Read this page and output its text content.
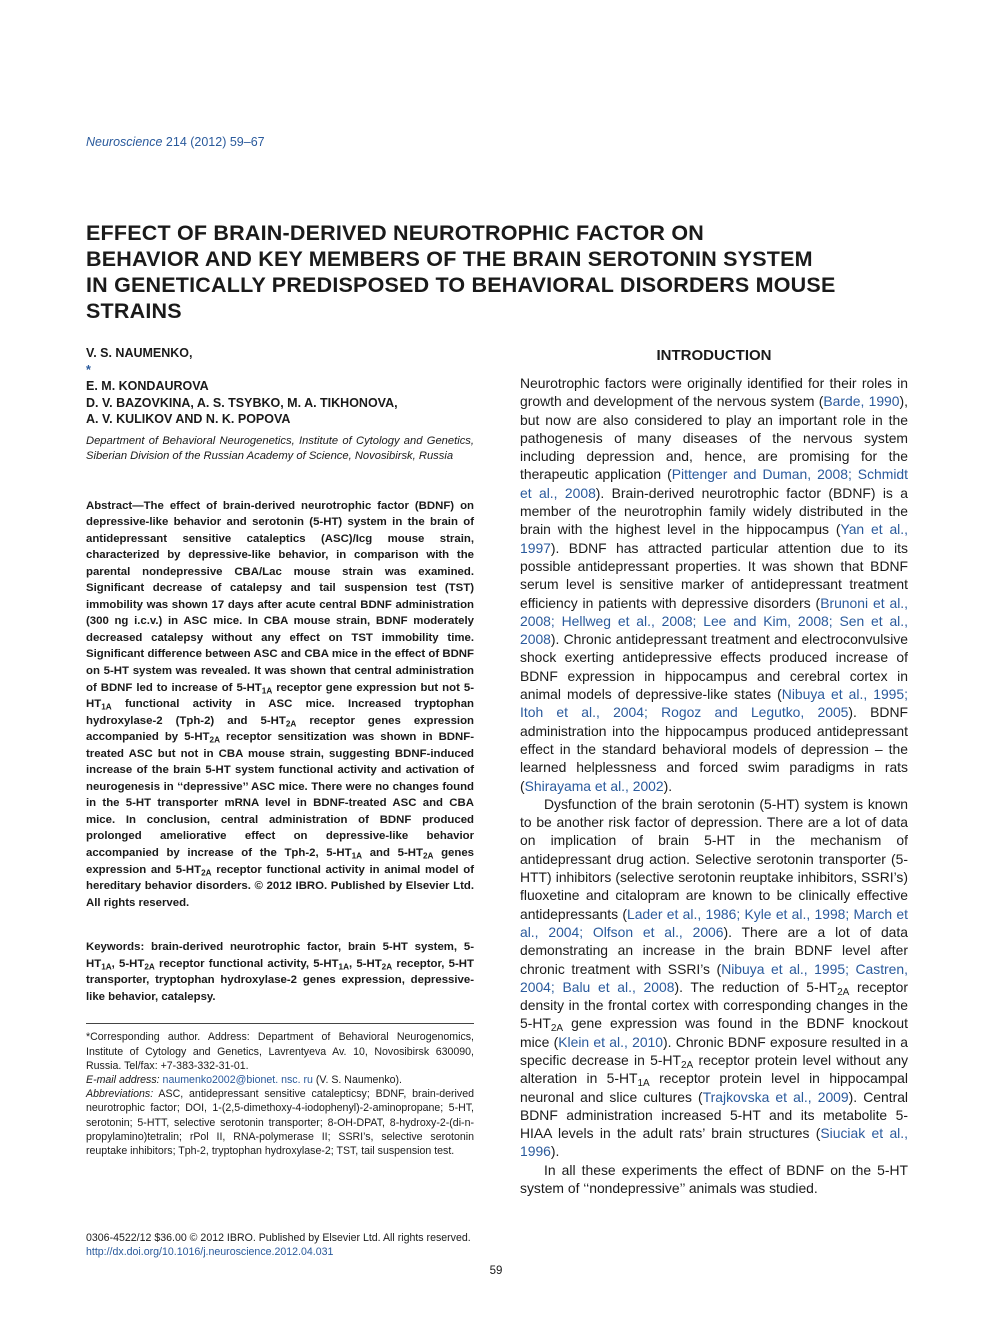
Neuroscience 214 (2012) 59–67
EFFECT OF BRAIN-DERIVED NEUROTROPHIC FACTOR ON
BEHAVIOR AND KEY MEMBERS OF THE BRAIN SEROTONIN SYSTEM
IN GENETICALLY PREDISPOSED TO BEHAVIORAL DISORDERS MOUSE
STRAINS
V. S. NAUMENKO,
*
E. M. KONDAUROVA
D. V. BAZOVKINA, A. S. TSYBKO, M. A. TIKHONOVA,
A. V. KULIKOV AND N. K. POPOVA
Department of Behavioral Neurogenetics, Institute of Cytology and Genetics, Siberian Division of the Russian Academy of Science, Novosibirsk, Russia
Abstract—The effect of brain-derived neurotrophic factor (BDNF) on depressive-like behavior and serotonin (5-HT) system in the brain of antidepressant sensitive cataleptics (ASC)/Icg mouse strain, characterized by depressive-like behavior, in comparison with the parental nondepressive CBA/Lac mouse strain was examined. Significant decrease of catalepsy and tail suspension test (TST) immobility was shown 17 days after acute central BDNF administration (300 ng i.c.v.) in ASC mice. In CBA mouse strain, BDNF moderately decreased catalepsy without any effect on TST immobility time. Significant difference between ASC and CBA mice in the effect of BDNF on 5-HT system was revealed. It was shown that central administration of BDNF led to increase of $5-HT_{1A}$ receptor gene expression but not $5-HT_{1A}$ functional activity in ASC mice. Increased tryptophan hydroxylase-2 (Tph-2) and $5-HT_{2A}$ receptor genes expression accompanied by $5-HT_{2A}$ receptor sensitization was shown in BDNF-treated ASC but not in CBA mouse strain, suggesting BDNF-induced increase of the brain 5-HT system functional activity and activation of neurogenesis in ‘‘depressive’’ ASC mice. There were no changes found in the 5-HT transporter mRNA level in BDNF-treated ASC and CBA mice. In conclusion, central administration of BDNF produced prolonged ameliorative effect on depressive-like behavior accompanied by increase of the Tph-2, $5-HT_{1A}$ and $5-HT_{2A}$ genes expression and $5-HT_{2A}$ receptor functional activity in animal model of hereditary behavior disorders. © 2012 IBRO. Published by Elsevier Ltd. All rights reserved.
Keywords: brain-derived neurotrophic factor, brain 5-HT system, $5-HT_{1A}$, $5-HT_{2A}$ receptor functional activity, $5-HT_{1A}$, $5-HT_{2A}$ receptor, 5-HT transporter, tryptophan hydroxylase-2 genes expression, depressive-like behavior, catalepsy.
*Corresponding author. Address: Department of Behavioral Neurogenomics, Institute of Cytology and Genetics, Lavrentyeva Av. 10, Novosibirsk 630090, Russia. Tel/fax: +7-383-332-31-01.
E-mail address: naumenko2002@bionet. nsc. ru (V. S. Naumenko).
Abbreviations: ASC, antidepressant sensitive catalepticsy; BDNF, brain-derived neurotrophic factor; DOI, 1-(2,5-dimethoxy-4-iodophenyl)-2-aminopropane; 5-HT, serotonin; 5-HTT, selective serotonin transporter; 8-OH-DPAT, 8-hydroxy-2-(di-n-propylamino)tetralin; rPol II, RNA-polymerase II; SSRI’s, selective serotonin reuptake inhibitors; Tph-2, tryptophan hydroxylase-2; TST, tail suspension test.
INTRODUCTION

Neurotrophic factors were originally identified for their roles in growth and development of the nervous system (Barde, 1990), but now are also considered to play an important role in the pathogenesis of many diseases of the nervous system including depression and, hence, are promising for the therapeutic application (Pittenger and Duman, 2008; Schmidt et al., 2008). Brain-derived neurotrophic factor (BDNF) is a member of the neurotrophin family widely distributed in the brain with the highest level in the hippocampus (Yan et al., 1997). BDNF has attracted particular attention due to its possible antidepressant properties. It was shown that BDNF serum level is sensitive marker of antidepressant treatment efficiency in patients with depressive disorders (Brunoni et al., 2008; Hellweg et al., 2008; Lee and Kim, 2008; Sen et al., 2008). Chronic antidepressant treatment and electroconvulsive shock exerting antidepressive effects produced increase of BDNF expression in hippocampus and cerebral cortex in animal models of depressive-like states (Nibuya et al., 1995; Itoh et al., 2004; Rogoz and Legutko, 2005). BDNF administration into the hippocampus produced antidepressant effect in the standard behavioral models of depression – the learned helplessness and forced swim paradigms in rats (Shirayama et al., 2002).

Dysfunction of the brain serotonin (5-HT) system is known to be another risk factor of depression. There are a lot of data on implication of brain 5-HT in the mechanism of antidepressant drug action. Selective serotonin transporter (5-HTT) inhibitors (selective serotonin reuptake inhibitors, SSRI’s) fluoxetine and citalopram are known to be clinically effective antidepressants (Lader et al., 1986; Kyle et al., 1998; March et al., 2004; Olfson et al., 2006). There are a lot of data demonstrating an increase in the brain BDNF level after chronic treatment with SSRI’s (Nibuya et al., 1995; Castren, 2004; Balu et al., 2008). The reduction of $5-HT_{2A}$ receptor density in the frontal cortex with corresponding changes in the $5-HT_{2A}$ gene expression was found in the BDNF knockout mice (Klein et al., 2010). Chronic BDNF exposure resulted in a specific decrease in $5-HT_{2A}$ receptor protein level without any alteration in $5-HT_{1A}$ receptor protein level in hippocampal neuronal and slice cultures (Trajkovska et al., 2009). Central BDNF administration increased 5-HT and its metabolite 5-HIAA levels in the adult rats’ brain structures (Siuciak et al., 1996).

In all these experiments the effect of BDNF on the 5-HT system of ‘‘nondepressive’’ animals was studied.

0306-4522/12 $36.00 © 2012 IBRO. Published by Elsevier Ltd. All rights reserved.
http://dx.doi.org/10.1016/j.neuroscience.2012.04.031
59
